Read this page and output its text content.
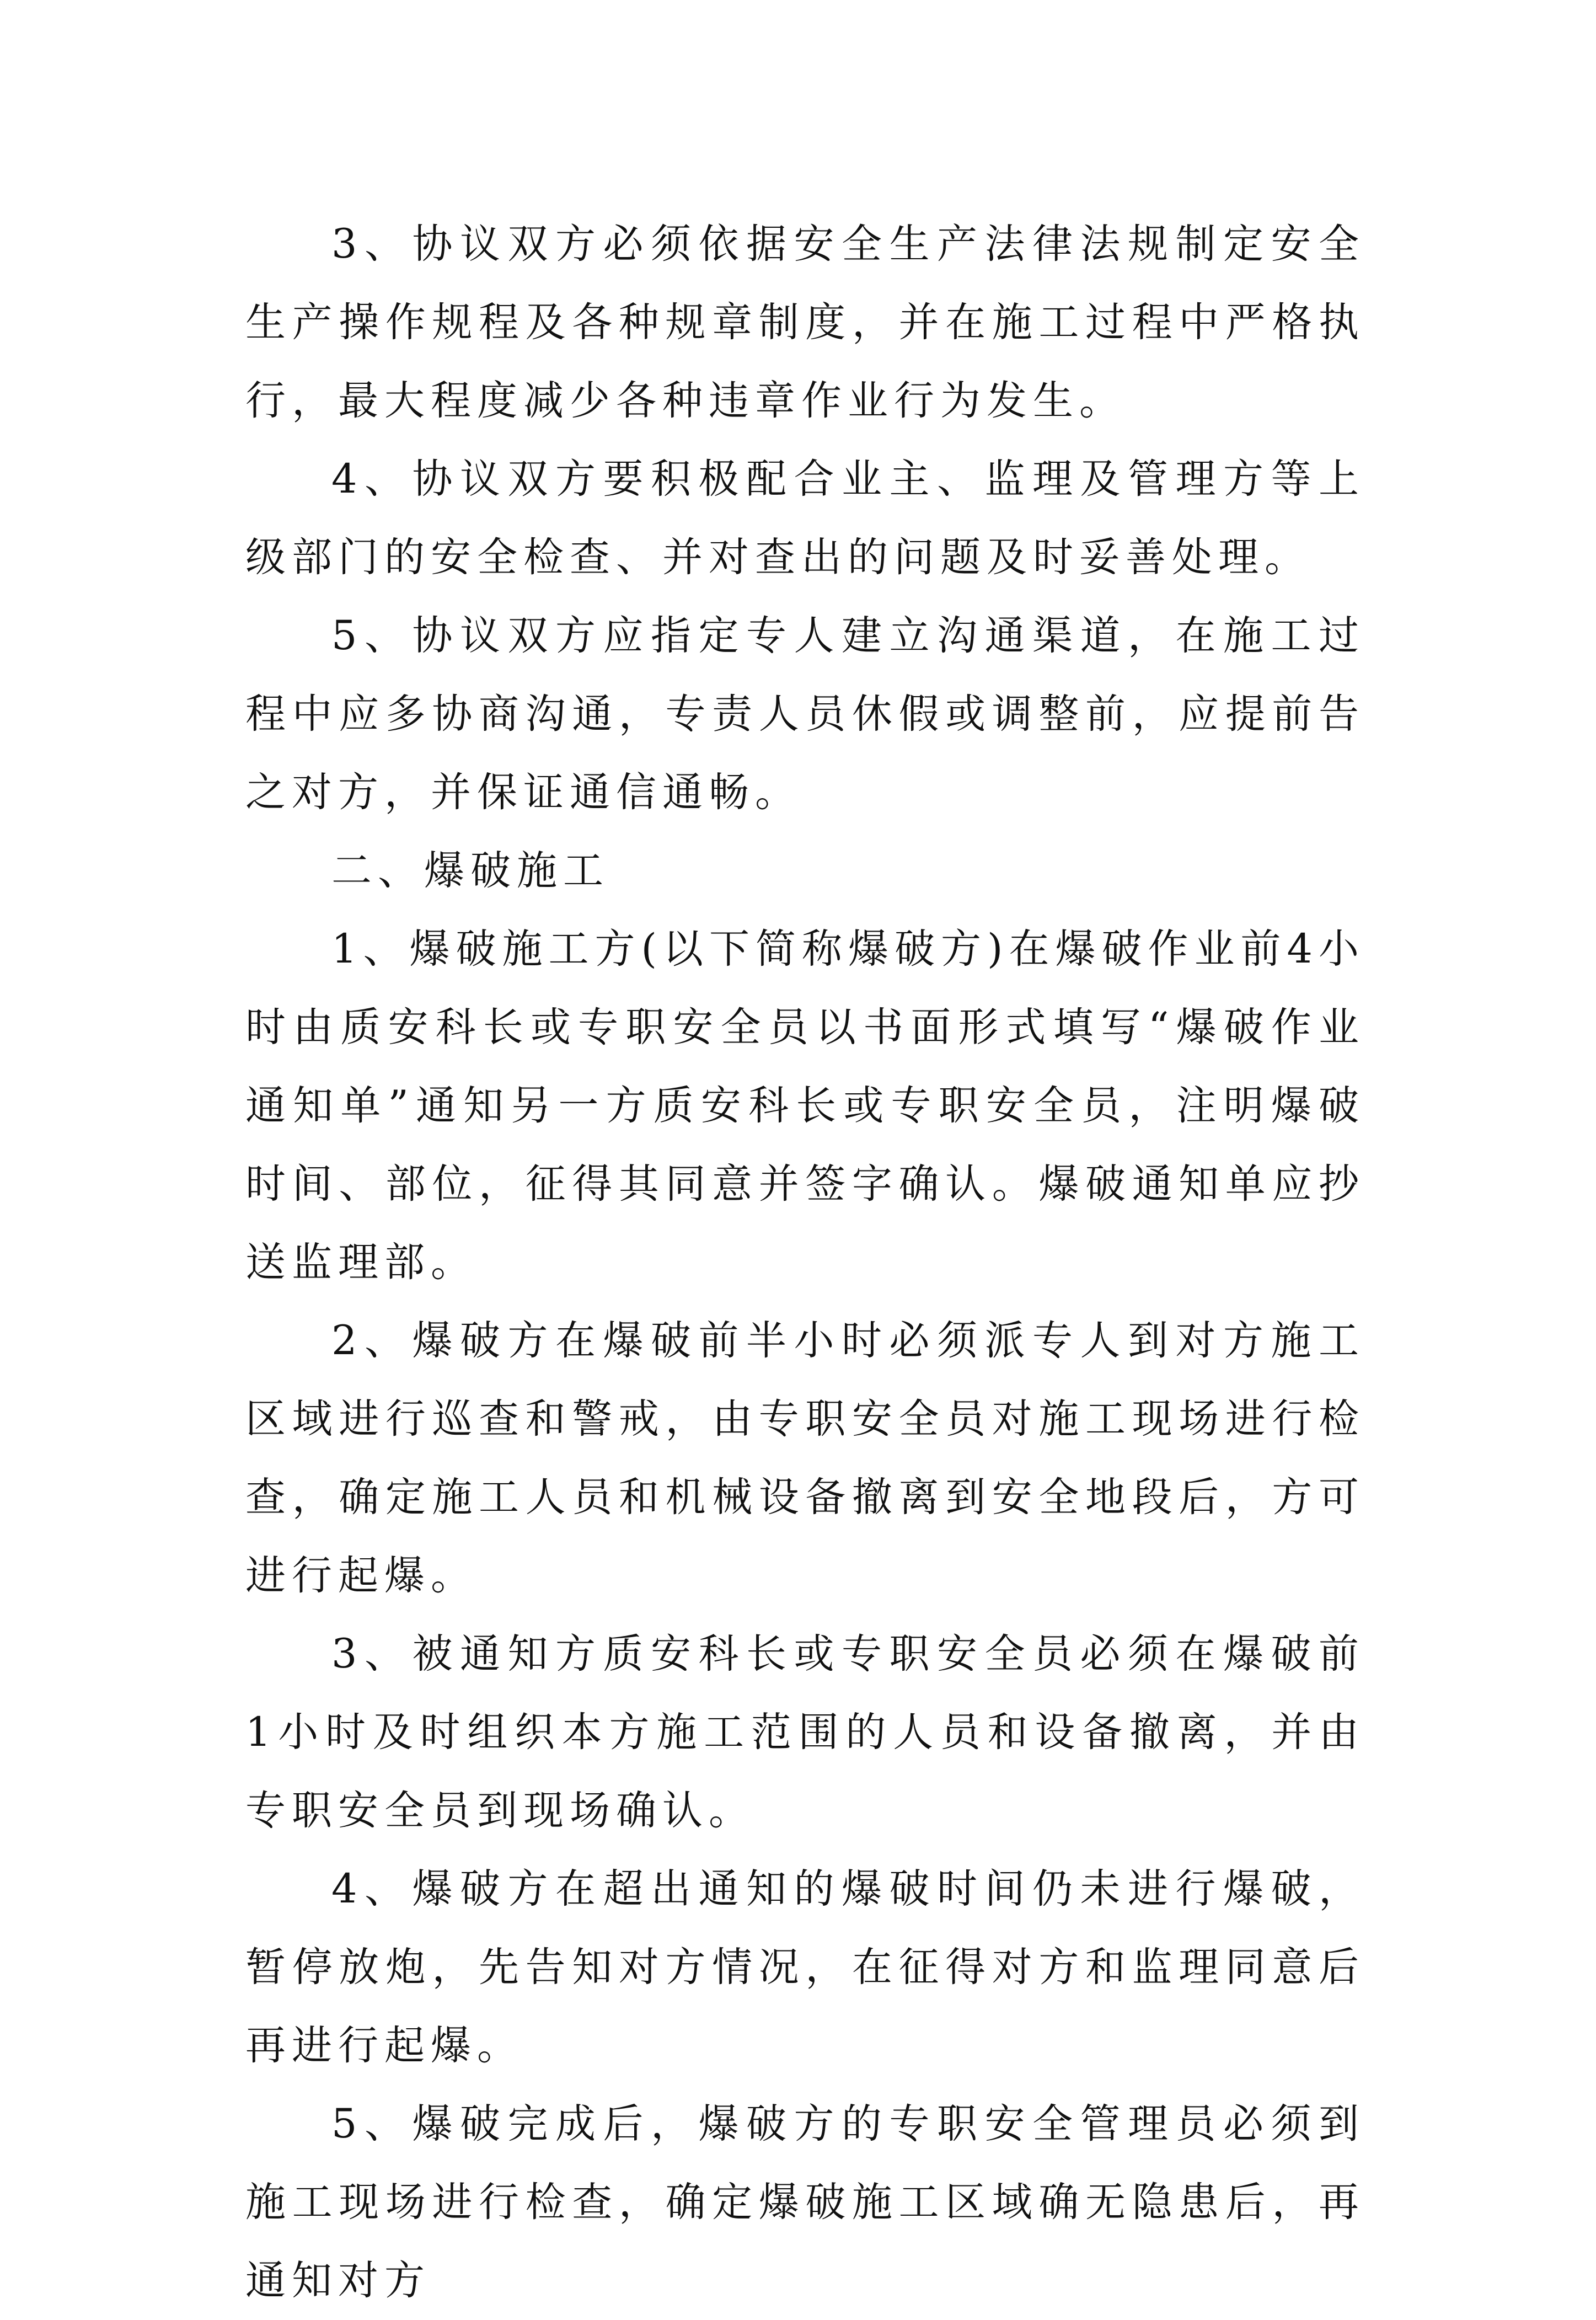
3、协议双方必须依据安全生产法律法规制定安全生产操作规程及各种规章制度，并在施工过程中严格执行，最大程度减少各种违章作业行为发生。

4、协议双方要积极配合业主、监理及管理方等上级部门的安全检查、并对查出的问题及时妥善处理。

5、协议双方应指定专人建立沟通渠道，在施工过程中应多协商沟通，专责人员休假或调整前，应提前告之对方，并保证通信通畅。

二、爆破施工

1、爆破施工方(以下简称爆破方)在爆破作业前4小时由质安科长或专职安全员以书面形式填写“爆破作业通知单”通知另一方质安科长或专职安全员，注明爆破时间、部位，征得其同意并签字确认。爆破通知单应抄送监理部。

2、爆破方在爆破前半小时必须派专人到对方施工区域进行巡查和警戒，由专职安全员对施工现场进行检查，确定施工人员和机械设备撤离到安全地段后，方可进行起爆。

3、被通知方质安科长或专职安全员必须在爆破前1小时及时组织本方施工范围的人员和设备撤离，并由专职安全员到现场确认。

4、爆破方在超出通知的爆破时间仍未进行爆破，暂停放炮，先告知对方情况，在征得对方和监理同意后再进行起爆。

5、爆破完成后，爆破方的专职安全管理员必须到施工现场进行检查，确定爆破施工区域确无隐患后，再通知对方
